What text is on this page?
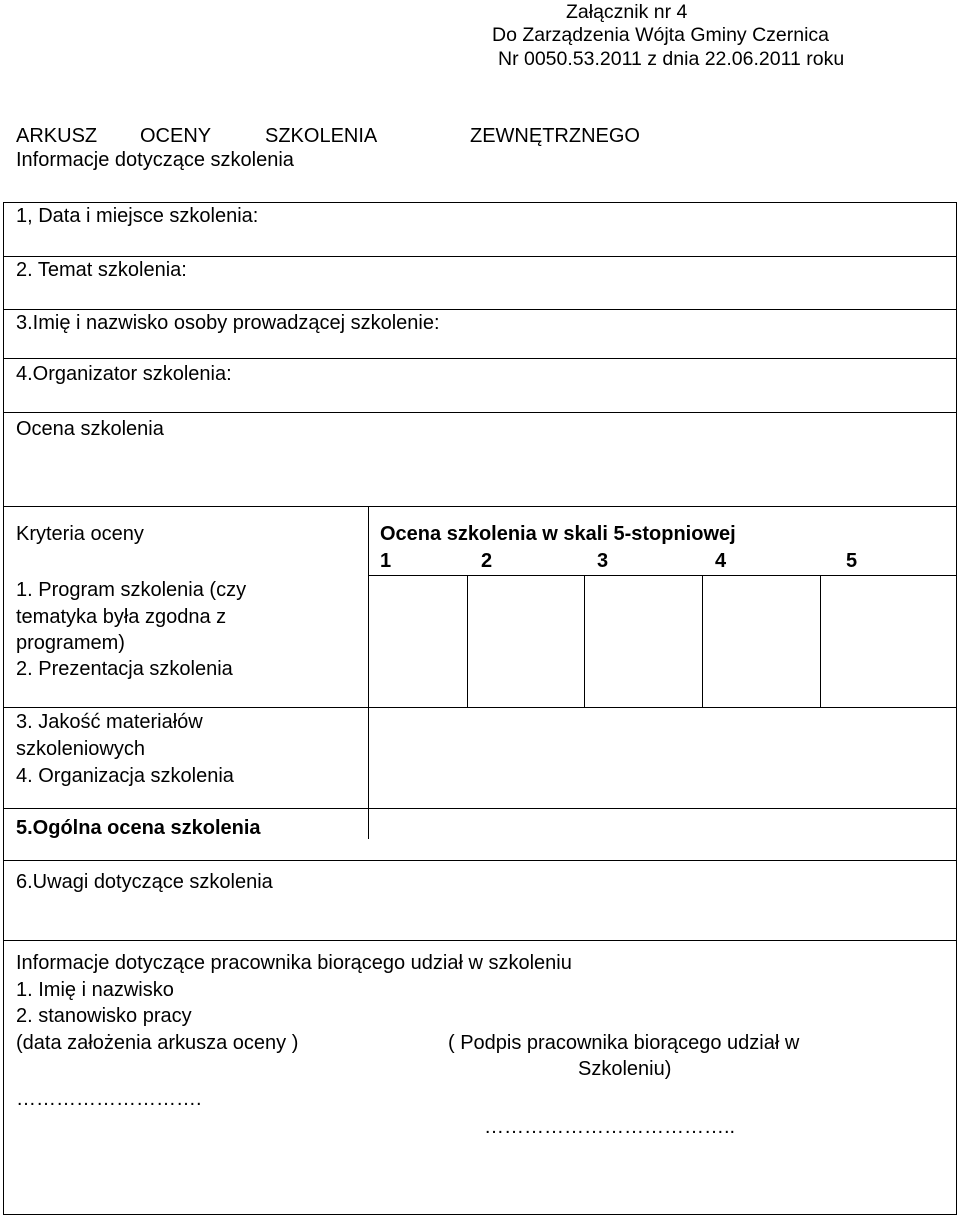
Załącznik nr 4
Do Zarządzenia Wójta Gminy Czernica
Nr 0050.53.2011 z dnia 22.06.2011 roku
ARKUSZ OCENY	SZKOLENIA	ZEWNĘTRZNEGO
Informacje dotyczące szkolenia
1, Data i miejsce szkolenia:
2. Temat szkolenia:
3.Imię i nazwisko osoby prowadzącej szkolenie:
4.Organizator szkolenia:
Ocena szkolenia
Kryteria oceny	Ocena szkolenia w skali 5-stopniowej
1	2	3	4	5
1. Program szkolenia (czy
tematyka była zgodna z
programem)
2. Prezentacja szkolenia
3. Jakość materiałów
szkoleniowych
4. Organizacja szkolenia
5.Ogólna ocena szkolenia
6.Uwagi dotyczące szkolenia
Informacje dotyczące pracownika biorącego udział w szkoleniu
1. Imię i nazwisko
2. stanowisko pracy
(data założenia arkusza oceny )	( Podpis pracownika biorącego udział w
Szkoleniu)
……………………….
………………………………..
